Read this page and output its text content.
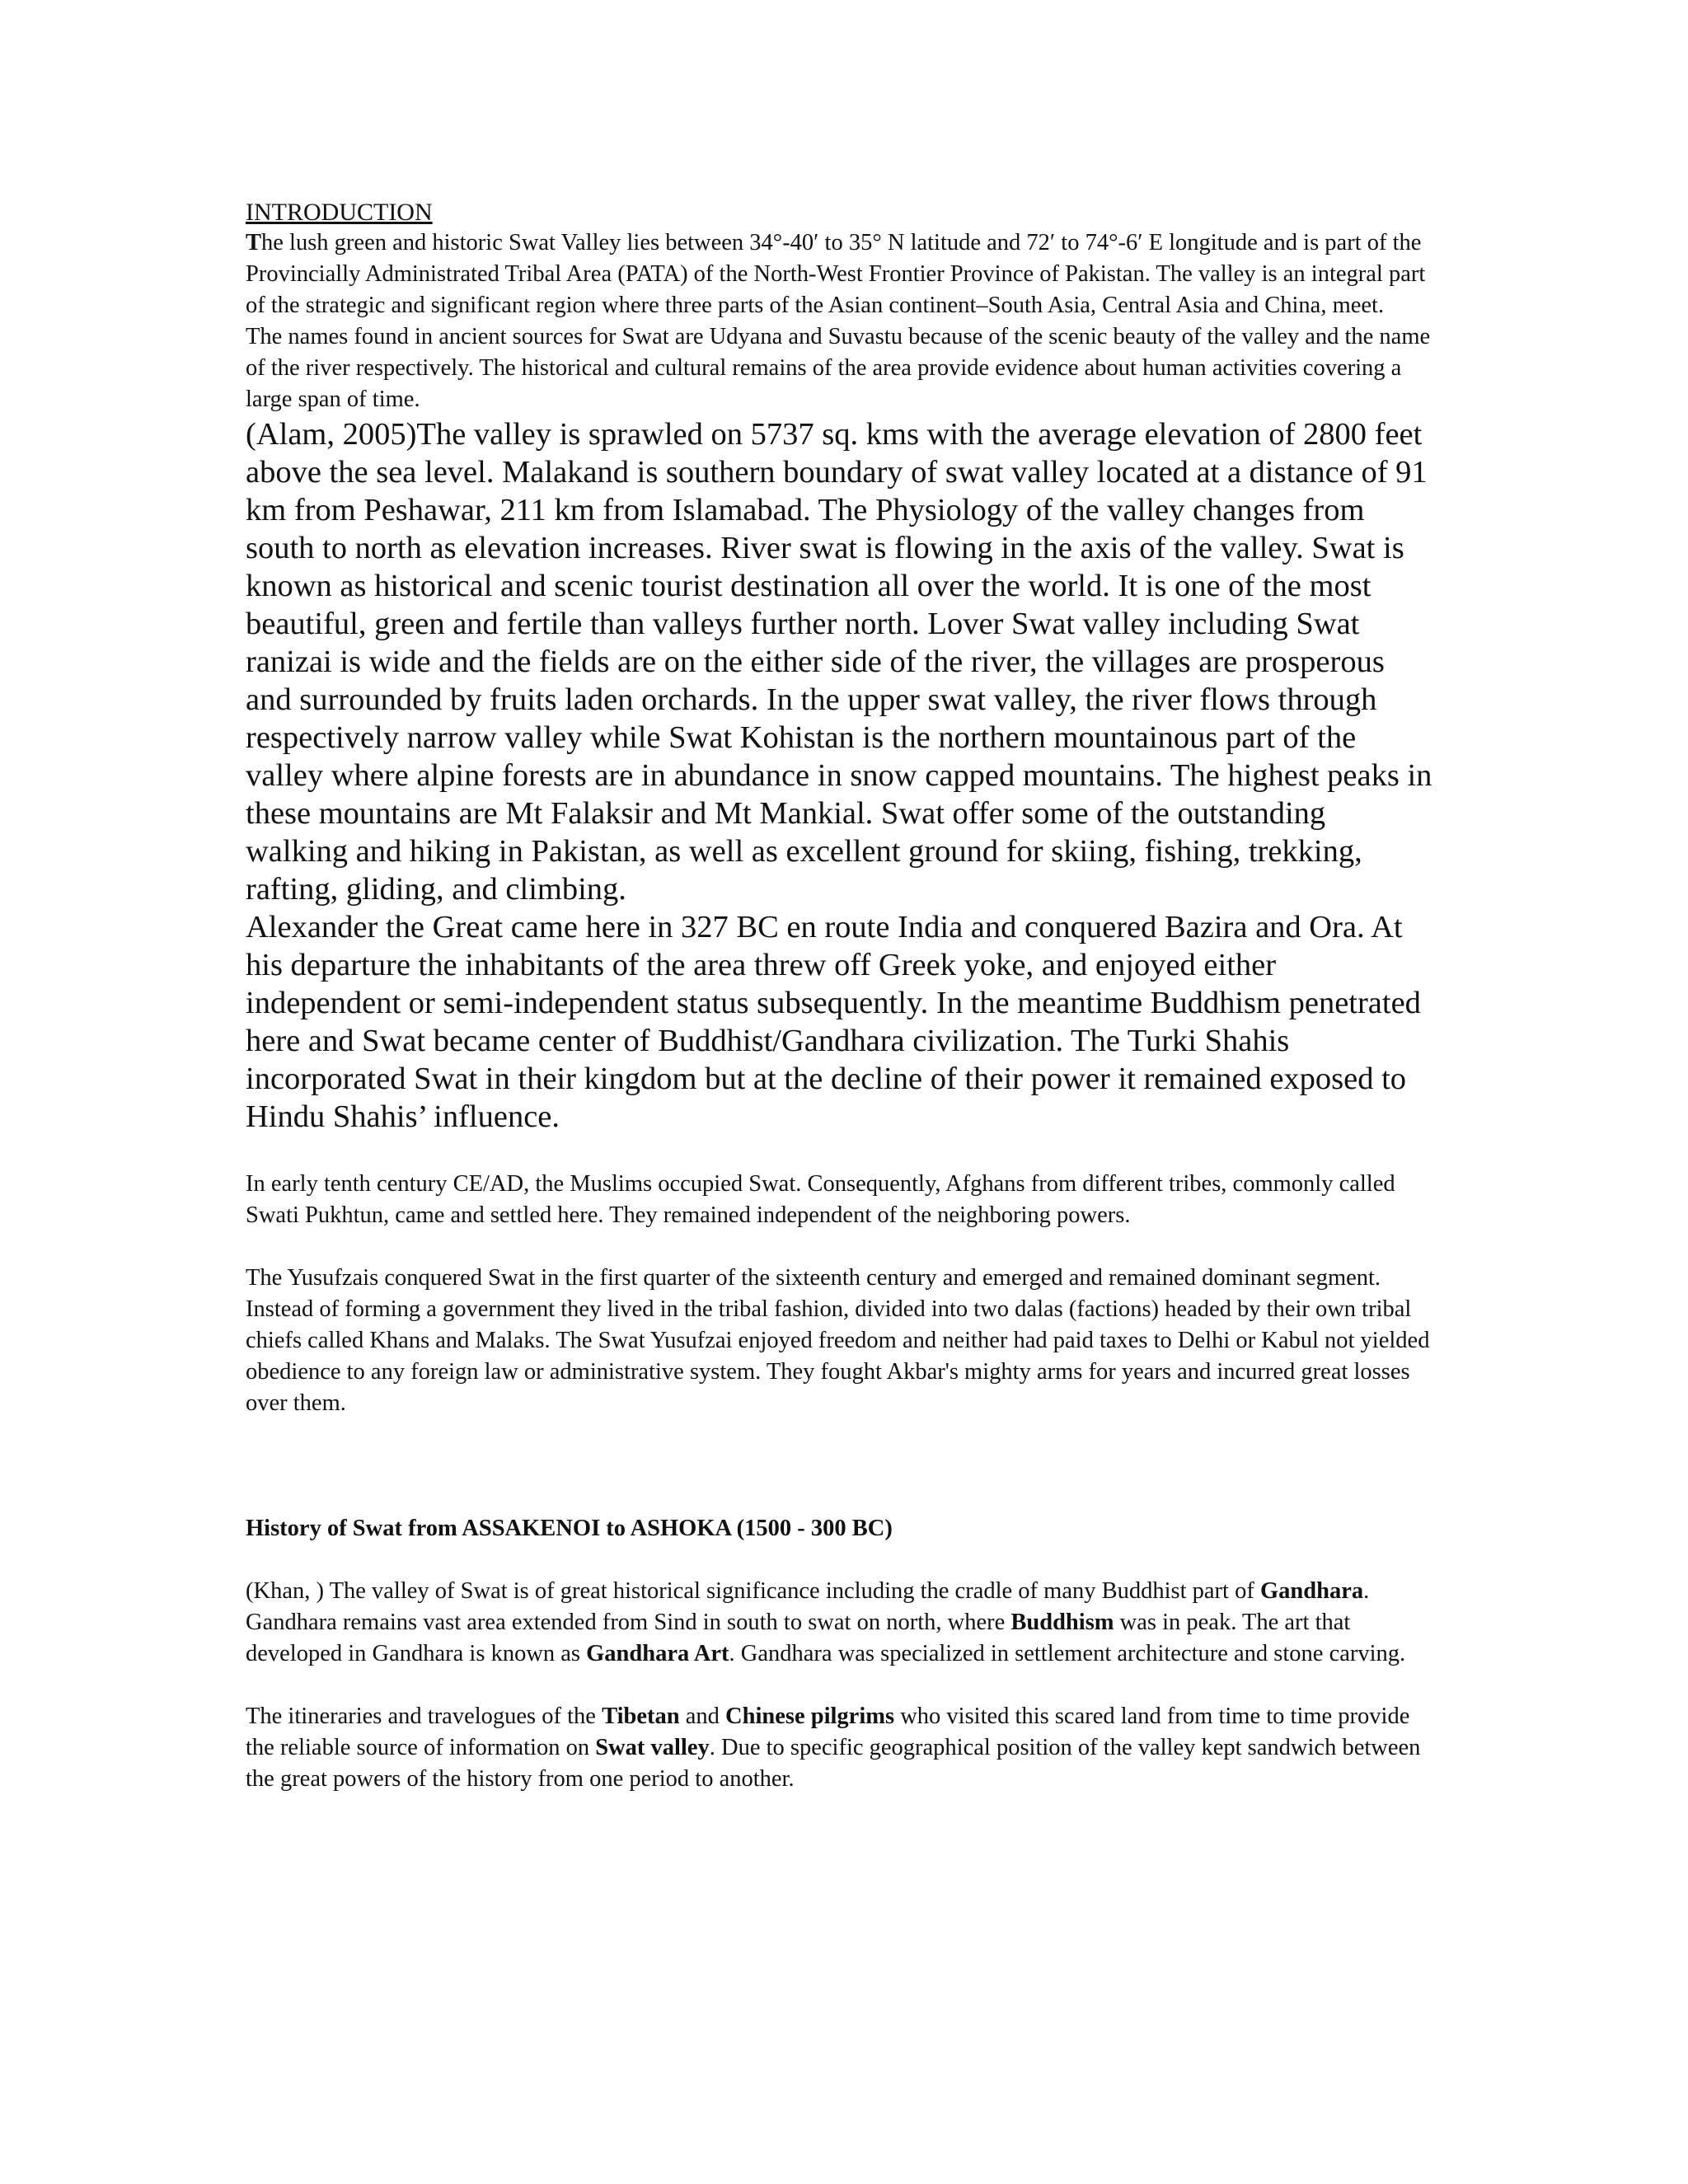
INTRODUCTION

The lush green and historic Swat Valley lies between 34°-40′ to 35° N latitude and 72′ to 74°-6′ E longitude and is part of the Provincially Administrated Tribal Area (PATA) of the North-West Frontier Province of Pakistan. The valley is an integral part of the strategic and significant region where three parts of the Asian continent–South Asia, Central Asia and China, meet.

The names found in ancient sources for Swat are Udyana and Suvastu because of the scenic beauty of the valley and the name of the river respectively. The historical and cultural remains of the area provide evidence about human activities covering a large span of time.

(Alam, 2005)The valley is sprawled on 5737 sq. kms with the average elevation of 2800 feet above the sea level. Malakand is southern boundary of swat valley located at a distance of 91 km from Peshawar, 211 km from Islamabad. The Physiology of the valley changes from south to north as elevation increases. River swat is flowing in the axis of the valley. Swat is known as historical and scenic tourist destination all over the world. It is one of the most beautiful, green and fertile than valleys further north. Lover Swat valley including Swat ranizai is wide and the fields are on the either side of the river, the villages are prosperous and surrounded by fruits laden orchards. In the upper swat valley, the river flows through respectively narrow valley while Swat Kohistan is the northern mountainous part of the valley where alpine forests are in abundance in snow capped mountains. The highest peaks in these mountains are Mt Falaksir and Mt Mankial. Swat offer some of the outstanding walking and hiking in Pakistan, as well as excellent ground for skiing, fishing, trekking, rafting, gliding, and climbing.

Alexander the Great came here in 327 BC en route India and conquered Bazira and Ora. At his departure the inhabitants of the area threw off Greek yoke, and enjoyed either independent or semi-independent status subsequently. In the meantime Buddhism penetrated here and Swat became center of Buddhist/Gandhara civilization. The Turki Shahis incorporated Swat in their kingdom but at the decline of their power it remained exposed to Hindu Shahis’ influence.

In early tenth century CE/AD, the Muslims occupied Swat. Consequently, Afghans from different tribes, commonly called Swati Pukhtun, came and settled here. They remained independent of the neighboring powers.

The Yusufzais conquered Swat in the first quarter of the sixteenth century and emerged and remained dominant segment. Instead of forming a government they lived in the tribal fashion, divided into two dalas (factions) headed by their own tribal chiefs called Khans and Malaks. The Swat Yusufzai enjoyed freedom and neither had paid taxes to Delhi or Kabul not yielded obedience to any foreign law or administrative system. They fought Akbar's mighty arms for years and incurred great losses over them.

History of Swat from ASSAKENOI to ASHOKA (1500 - 300 BC)

(Khan, ) The valley of Swat is of great historical significance including the cradle of many Buddhist part of Gandhara. Gandhara remains vast area extended from Sind in south to swat on north, where Buddhism was in peak. The art that developed in Gandhara is known as Gandhara Art. Gandhara was specialized in settlement architecture and stone carving.

The itineraries and travelogues of the Tibetan and Chinese pilgrims who visited this scared land from time to time provide the reliable source of information on Swat valley. Due to specific geographical position of the valley kept sandwich between the great powers of the history from one period to another.
